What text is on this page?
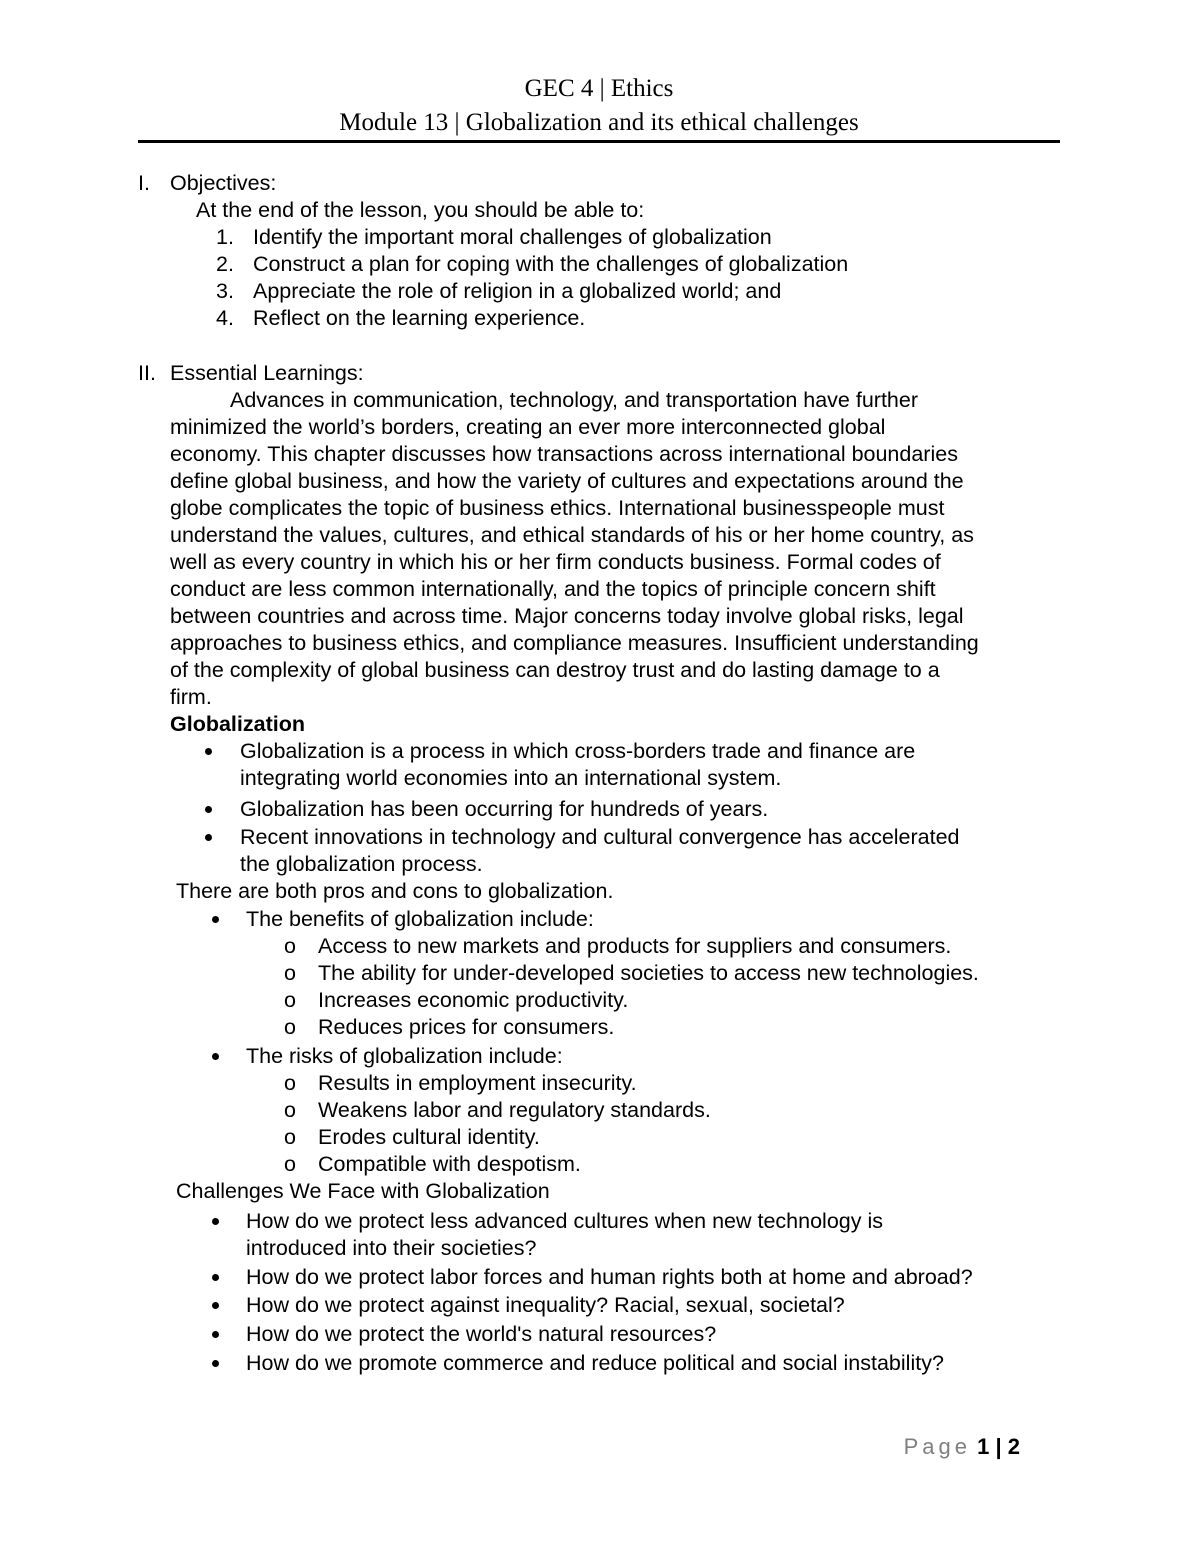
GEC 4 | Ethics
Module 13 | Globalization and its ethical challenges
I. Objectives:
At the end of the lesson, you should be able to:
1. Identify the important moral challenges of globalization
2. Construct a plan for coping with the challenges of globalization
3. Appreciate the role of religion in a globalized world; and
4. Reflect on the learning experience.
II. Essential Learnings:
Advances in communication, technology, and transportation have further
minimized the world’s borders, creating an ever more interconnected global
economy. This chapter discusses how transactions across international boundaries
define global business, and how the variety of cultures and expectations around the
globe complicates the topic of business ethics. International businesspeople must
understand the values, cultures, and ethical standards of his or her home country, as
well as every country in which his or her firm conducts business. Formal codes of
conduct are less common internationally, and the topics of principle concern shift
between countries and across time. Major concerns today involve global risks, legal
approaches to business ethics, and compliance measures. Insufficient understanding
of the complexity of global business can destroy trust and do lasting damage to a
firm.
Globalization
Globalization is a process in which cross-borders trade and finance are
integrating world economies into an international system.
Globalization has been occurring for hundreds of years.
Recent innovations in technology and cultural convergence has accelerated
the globalization process.
There are both pros and cons to globalization.
The benefits of globalization include:
o Access to new markets and products for suppliers and consumers.
o The ability for under-developed societies to access new technologies.
o Increases economic productivity.
o Reduces prices for consumers.
The risks of globalization include:
o Results in employment insecurity.
o Weakens labor and regulatory standards.
o Erodes cultural identity.
o Compatible with despotism.
Challenges We Face with Globalization
How do we protect less advanced cultures when new technology is
introduced into their societies?
How do we protect labor forces and human rights both at home and abroad?
How do we protect against inequality? Racial, sexual, societal?
How do we protect the world's natural resources?
How do we promote commerce and reduce political and social instability?
Page 1 | 2
